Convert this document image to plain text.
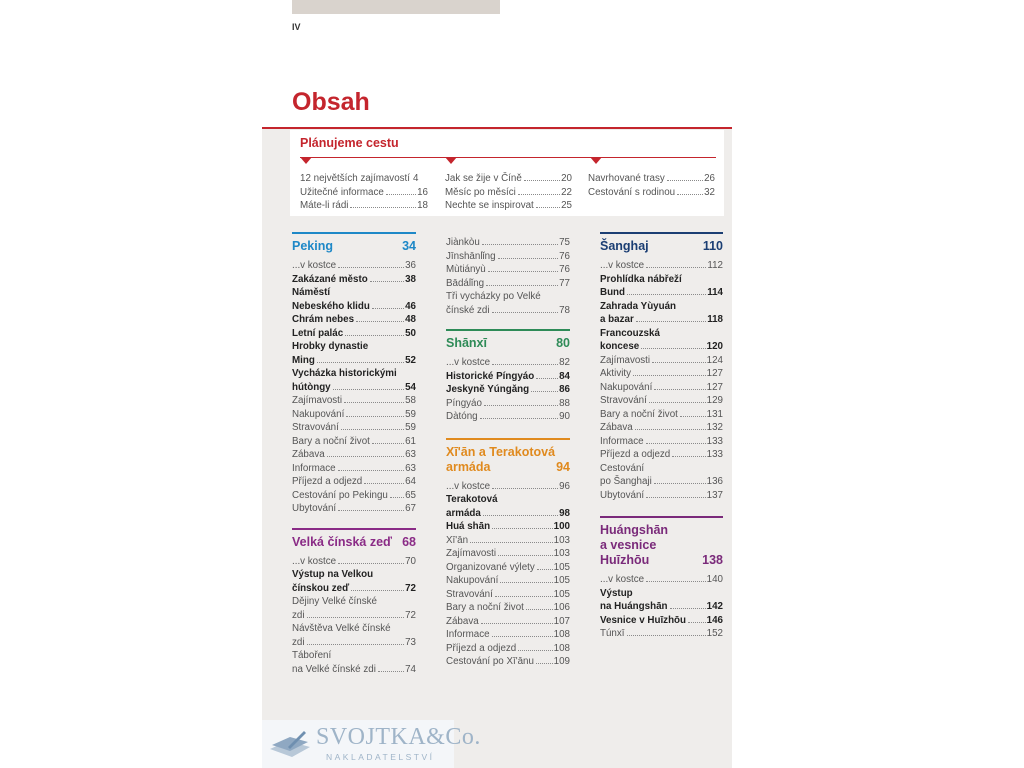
IV
Obsah
Plánujeme cestu
12 největších zajímavostí 4
Užitečné informace	16
Máte-li rádi	18
Jak se žije v Číně	20
Měsíc po měsíci	22
Nechte se inspirovat	25
Navrhované trasy	26
Cestování s rodinou	32
Peking	34
...v kostce	36
Zakázané město	38
Náměstí
Nebeského klidu	46
Chrám nebes	48
Letní palác	50
Hrobky dynastie
Ming	52
Vycházka historickými
hútòngy	54
Zajímavosti	58
Nakupování	59
Stravování	59
Bary a noční život	61
Zábava	63
Informace	63
Příjezd a odjezd	64
Cestování po Pekingu 65
Ubytování	67
Velká čínská zeď 68
...v kostce	70
Výstup na Velkou
čínskou zeď	72
Dějiny Velké čínské
zdi	72
Návštěva Velké čínské
zdi	73
Táboření
na Velké čínské zdi	74
Jiànkòu	75
Jīnshānlǐng	76
Mùtiányù	76
Bādálǐng	77
Tři vycházky po Velké
čínské zdi	78
Shānxī	80
...v kostce	82
Historické Píngyáo	84
Jeskyně Yúngǎng	86
Píngyáo	88
Dàtóng	90
Xī'ān a Terakotová
armáda	94
...v kostce	96
Terakotová
armáda	98
Huá shān	100
Xī'ān	103
Zajímavosti	103
Organizované výlety 105
Nakupování	105
Stravování	105
Bary a noční život	106
Zábava	107
Informace	108
Příjezd a odjezd	108
Cestování po Xī'ānu 109
Šanghaj	110
...v kostce	112
Prohlídka nábřeží
Bund	114
Zahrada Yùyuán
a bazar	118
Francouzská
koncese	120
Zajímavosti	124
Aktivity	127
Nakupování	127
Stravování	129
Bary a noční život	131
Zábava	132
Informace	133
Příjezd a odjezd	133
Cestování
po Šanghaji	136
Ubytování	137
Huángshān
a vesnice
Huīzhōu	138
...v kostce	140
Výstup
na Huángshān	142
Vesnice v Huīzhōu 146
Túnxī	152
SVOJTKA&Co.
NAKLADATELSTVÍ
